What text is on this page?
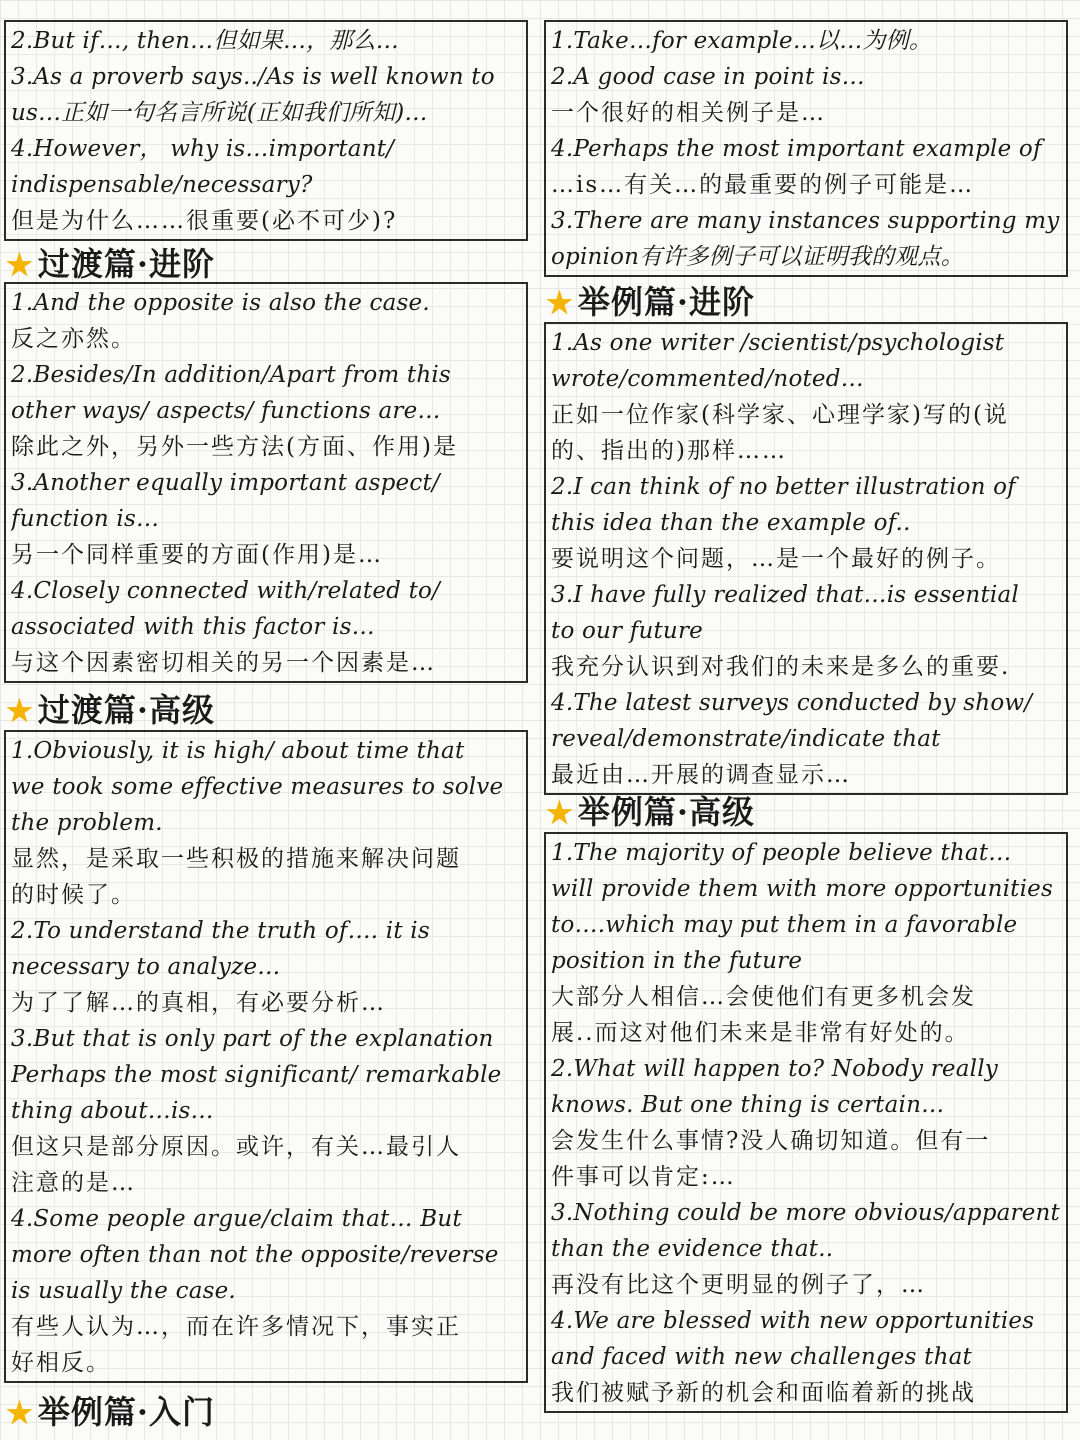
2.But if…, then…但如果…，那么…
3.As a proverb says../As is well known to
us…正如一句名言所说(正如我们所知)…
4.However， why is…important/
indispensable/necessary?
但是为什么……很重要(必不可少)?
★ 过渡篇·进阶
1.And the opposite is also the case.
反之亦然。
2.Besides/In addition/Apart from this
other ways/ aspects/ functions are…
除此之外，另外一些方法(方面、作用)是
3.Another equally important aspect/
function is…
另一个同样重要的方面(作用)是…
4.Closely connected with/related to/
associated with this factor is…
与这个因素密切相关的另一个因素是…
★ 过渡篇·高级
1.Obviously, it is high/ about time that
we took some effective measures to solve
the problem.
显然，是采取一些积极的措施来解决问题
的时候了。
2.To understand the truth of…. it is
necessary to analyze…
为了了解…的真相，有必要分析…
3.But that is only part of the explanation
Perhaps the most significant/ remarkable
thing about…is…
但这只是部分原因。或许，有关…最引人
注意的是…
4.Some people argue/claim that… But
more often than not the opposite/reverse
is usually the case.
有些人认为…，而在许多情况下，事实正
好相反。
★ 举例篇·入门
1.Take…for example…以…为例。
2.A good case in point is…
一个很好的相关例子是…
4.Perhaps the most important example of
…is…有关…的最重要的例子可能是…
3.There are many instances supporting my
opinion有许多例子可以证明我的观点。
★ 举例篇·进阶
1.As one writer /scientist/psychologist
wrote/commented/noted…
正如一位作家(科学家、心理学家)写的(说
的、指出的)那样……
2.I can think of no better illustration of
this idea than the example of..
要说明这个问题，…是一个最好的例子。
3.I have fully realized that…is essential
to our future
我充分认识到对我们的未来是多么的重要.
4.The latest surveys conducted by show/
reveal/demonstrate/indicate that
最近由…开展的调查显示…
★ 举例篇·高级
1.The majority of people believe that…
will provide them with more opportunities
to….which may put them in a favorable
position in the future
大部分人相信…会使他们有更多机会发
展..而这对他们未来是非常有好处的。
2.What will happen to? Nobody really
knows. But one thing is certain…
会发生什么事情?没人确切知道。但有一
件事可以肯定:…
3.Nothing could be more obvious/apparent
than the evidence that..
再没有比这个更明显的例子了，…
4.We are blessed with new opportunities
and faced with new challenges that
我们被赋予新的机会和面临着新的挑战
